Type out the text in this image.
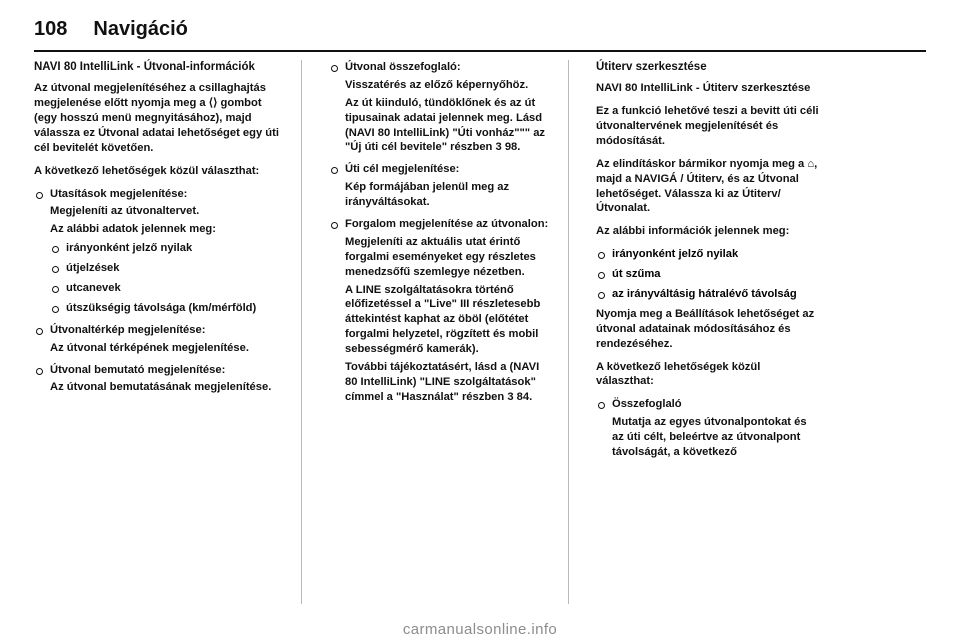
108 Navigáció
NAVI 80 IntelliLink - Útvonal-információk

Az útvonal megjelenítéséhez a csillaghajtás megjelenése előtt nyomja meg a ⟨⟩ gombot (egy hosszú menü megnyitásához), majd válassza ez Útvonal adatai lehetőséget egy úti cél bevitelét követően.

A következő lehetőségek közül választhat:

Utasítások megjelenítése:
Megjeleníti az útvonaltervet.
Az alábbi adatok jelennek meg:
irányonként jelző nyilak
útjelzések
utcanevek
útszükségig távolsága (km/mérföld)
Útvonaltérkép megjelenítése:
Az útvonal térképének megjelenítése.
Útvonal bemutató megjelenítése:
Az útvonal bemutatásának megjelenítése.
Útvonal összefoglaló:
Visszatérés az előző képernyőhöz.
Az út kiinduló, tündöklőnek és az út tipusainak adatai jelennek meg. Lásd (NAVI 80 IntelliLink) "Úti vonház""" az "Új úti cél bevitele" részben 3 98.
Úti cél megjelenítése:
Kép formájában jelenül meg az irányváltásokat.
Forgalom megjelenítése az útvonalon:
Megjeleníti az aktuális utat érintő forgalmi eseményeket egy részletes menedzsőfű szemlegye nézetben.
A LINE szolgáltatásokra történő előfizetéssel a "Live" III részletesebb áttekintést kaphat az öböl (előtétet forgalmi helyzetel, rögzített és mobil sebességmérő kamerák).
További tájékoztatásért, lásd a (NAVI 80 IntelliLink) "LINE szolgáltatások" címmel a "Használat" részben 3 84.
Útiterv szerkesztése

NAVI 80 IntelliLink - Útiterv szerkesztése

Ez a funkció lehetővé teszi a bevitt úti céli útvonaltervének megjelenítését és módosítását.

Az elindításkor bármikor nyomja meg a ⌂, majd a NAVIGÁ / Útiterv, és az Útvonal lehetőséget. Válassza ki az Útiterv/Útvonalat.

Az alábbi információk jelennek meg:

irányonként jelző nyilak
út szűma
az irányváltásig hátralévő távolság

Nyomja meg a Beállítások lehetőséget az útvonal adatainak módosításához és rendezéséhez.

A következő lehetőségek közül választhat:

Összefoglaló
Mutatja az egyes útvonalpontokat és az úti célt, beleértve az útvonalpont távolságát, a következő
carmanualsonline.info
